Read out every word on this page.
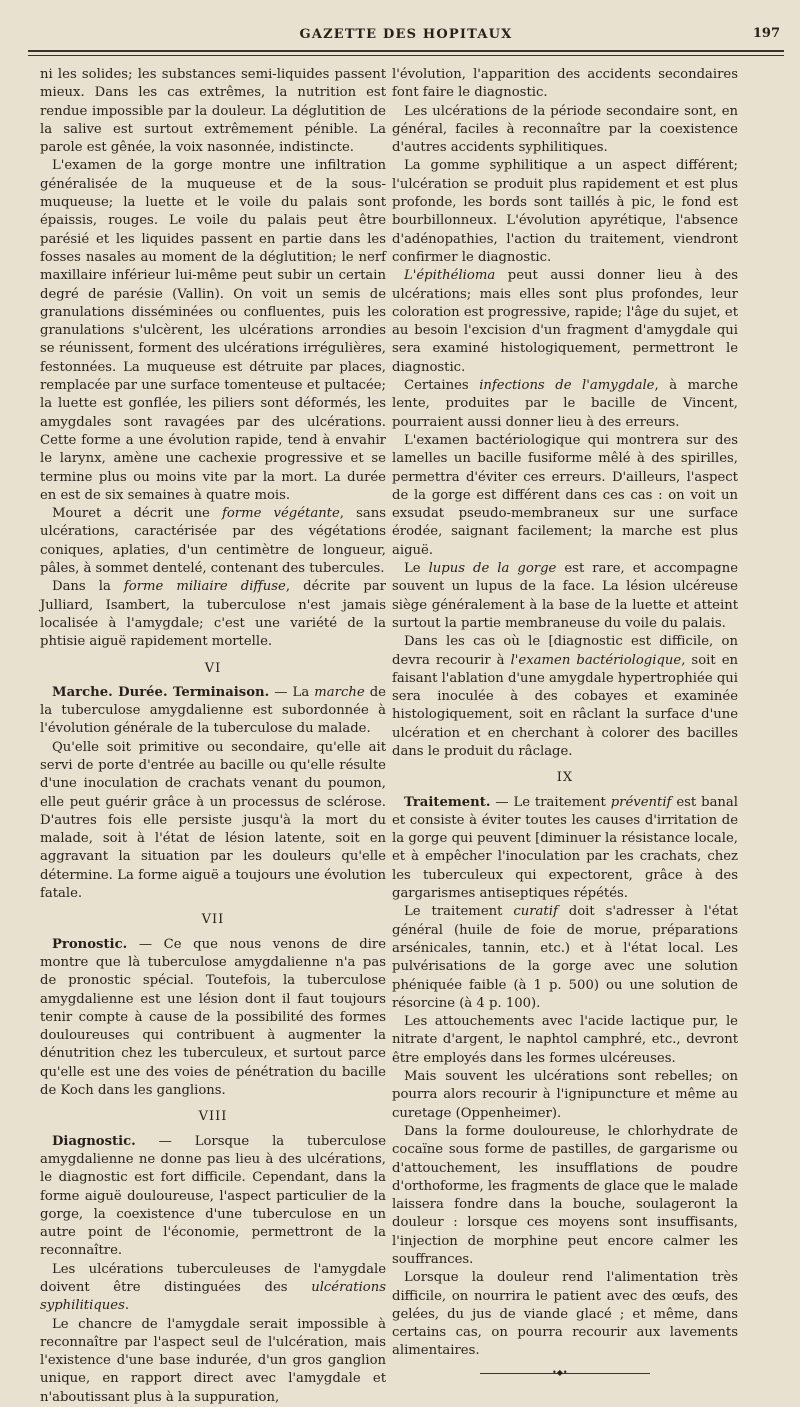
GAZETTE DES HOPITAUX	197

ni les solides; les substances semi-liquides passent mieux. Dans les cas extrêmes, la nutrition est rendue impossible par la douleur. La déglutition de la salive est surtout extrêmement pénible. La parole est gênée, la voix nasonnée, indistincte.

L'examen de la gorge montre une infiltration généralisée de la muqueuse et de la sous-muqueuse; la luette et le voile du palais sont épaissis, rouges. Le voile du palais peut être parésié et les liquides passent en partie dans les fosses nasales au moment de la déglutition; le nerf maxillaire inférieur lui-même peut subir un certain degré de parésie (Vallin). On voit un semis de granulations disséminées ou confluentes, puis les granulations s'ulcèrent, les ulcérations arrondies se réunissent, forment des ulcérations irrégulières, festonnées. La muqueuse est détruite par places, remplacée par une surface tomenteuse et pultacée; la luette est gonflée, les piliers sont déformés, les amygdales sont ravagées par des ulcérations. Cette forme a une évolution rapide, tend à envahir le larynx, amène une cachexie progressive et se termine plus ou moins vite par la mort. La durée en est de six semaines à quatre mois.

Mouret a décrit une forme végétante, sans ulcérations, caractérisée par des végétations coniques, aplaties, d'un centimètre de longueur, pâles, à sommet dentelé, contenant des tubercules.

Dans la forme miliaire diffuse, décrite par Julliard, Isambert, la tuberculose n'est jamais localisée à l'amygdale; c'est une variété de la phtisie aiguë rapidement mortelle.

VI

Marche. Durée. Terminaison. — La marche de la tuberculose amygdalienne est subordonnée à l'évolution générale de la tuberculose du malade.

Qu'elle soit primitive ou secondaire, qu'elle ait servi de porte d'entrée au bacille ou qu'elle résulte d'une inoculation de crachats venant du poumon, elle peut guérir grâce à un processus de sclérose. D'autres fois elle persiste jusqu'à la mort du malade, soit à l'état de lésion latente, soit en aggravant la situation par les douleurs qu'elle détermine. La forme aiguë a toujours une évolution fatale.

VII

Pronostic. — Ce que nous venons de dire montre que là tuberculose amygdalienne n'a pas de pronostic spécial. Toutefois, la tuberculose amygdalienne est une lésion dont il faut toujours tenir compte à cause de la possibilité des formes douloureuses qui contribuent à augmenter la dénutrition chez les tuberculeux, et surtout parce qu'elle est une des voies de pénétration du bacille de Koch dans les ganglions.

VIII

Diagnostic. — Lorsque la tuberculose amygdalienne ne donne pas lieu à des ulcérations, le diagnostic est fort difficile. Cependant, dans la forme aiguë douloureuse, l'aspect particulier de la gorge, la coexistence d'une tuberculose en un autre point de l'économie, permettront de la reconnaître.

Les ulcérations tuberculeuses de l'amygdale doivent être distinguées des ulcérations syphilitiques.

Le chancre de l'amygdale serait impossible à reconnaître par l'aspect seul de l'ulcération, mais l'existence d'une base indurée, d'un gros ganglion unique, en rapport direct avec l'amygdale et n'aboutissant plus à la suppuration,

l'évolution, l'apparition des accidents secondaires font faire le diagnostic.

Les ulcérations de la période secondaire sont, en général, faciles à reconnaître par la coexistence d'autres accidents syphilitiques.

La gomme syphilitique a un aspect différent; l'ulcération se produit plus rapidement et est plus profonde, les bords sont taillés à pic, le fond est bourbillonneux. L'évolution apyrétique, l'absence d'adénopathies, l'action du traitement, viendront confirmer le diagnostic.

L'épithélioma peut aussi donner lieu à des ulcérations; mais elles sont plus profondes, leur coloration est progressive, rapide; l'âge du sujet, et au besoin l'excision d'un fragment d'amygdale qui sera examiné histologiquement, permettront le diagnostic.

Certaines infections de l'amygdale, à marche lente, produites par le bacille de Vincent, pourraient aussi donner lieu à des erreurs.

L'examen bactériologique qui montrera sur des lamelles un bacille fusiforme mêlé à des spirilles, permettra d'éviter ces erreurs. D'ailleurs, l'aspect de la gorge est différent dans ces cas : on voit un exsudat pseudo-membraneux sur une surface érodée, saignant facilement; la marche est plus aiguë.

Le lupus de la gorge est rare, et accompagne souvent un lupus de la face. La lésion ulcéreuse siège généralement à la base de la luette et atteint surtout la partie membraneuse du voile du palais.

Dans les cas où le [diagnostic est difficile, on devra recourir à l'examen bactériologique, soit en faisant l'ablation d'une amygdale hypertrophiée qui sera inoculée à des cobayes et examinée histologiquement, soit en râclant la surface d'une ulcération et en cherchant à colorer des bacilles dans le produit du râclage.

IX

Traitement. — Le traitement préventif est banal et consiste à éviter toutes les causes d'irritation de la gorge qui peuvent [diminuer la résistance locale, et à empêcher l'inoculation par les crachats, chez les tuberculeux qui expectorent, grâce à des gargarismes antiseptiques répétés.

Le traitement curatif doit s'adresser à l'état général (huile de foie de morue, préparations arsénicales, tannin, etc.) et à l'état local. Les pulvérisations de la gorge avec une solution phéniquée faible (à 1 p. 500) ou une solution de résorcine (à 4 p. 100).

Les attouchements avec l'acide lactique pur, le nitrate d'argent, le naphtol camphré, etc., devront être employés dans les formes ulcéreuses.

Mais souvent les ulcérations sont rebelles; on pourra alors recourir à l'ignipuncture et même au curetage (Oppenheimer).

Dans la forme douloureuse, le chlorhydrate de cocaïne sous forme de pastilles, de gargarisme ou d'attouchement, les insufflations de poudre d'orthoforme, les fragments de glace que le malade laissera fondre dans la bouche, soulageront la douleur : lorsque ces moyens sont insuffisants, l'injection de morphine peut encore calmer les souffrances.

Lorsque la douleur rend l'alimentation très difficile, on nourrira le patient avec des œufs, des gelées, du jus de viande glacé ; et même, dans certains cas, on pourra recourir aux lavements alimentaires.

•◆•
